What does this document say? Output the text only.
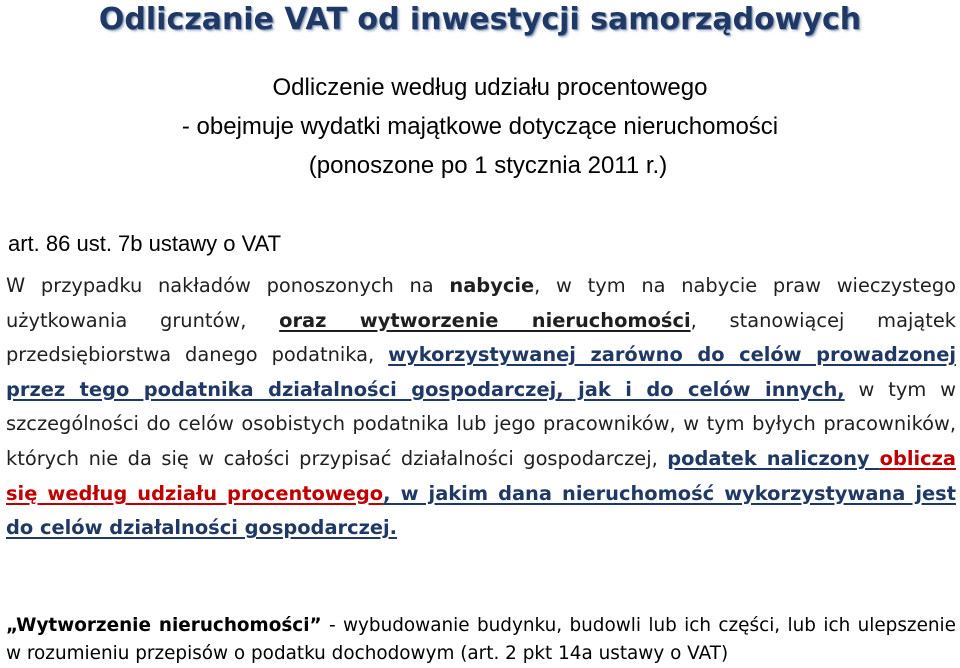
Odliczanie VAT od inwestycji samorządowych
Odliczenie według udziału procentowego
- obejmuje wydatki majątkowe dotyczące nieruchomości
(ponoszone po 1 stycznia 2011 r.)
art. 86 ust. 7b ustawy o VAT
W przypadku nakładów ponoszonych na nabycie, w tym na nabycie praw wieczystego użytkowania gruntów, oraz wytworzenie nieruchomości, stanowiącej majątek przedsiębiorstwa danego podatnika, wykorzystywanej zarówno do celów prowadzonej przez tego podatnika działalności gospodarczej, jak i do celów innych, w tym w szczególności do celów osobistych podatnika lub jego pracowników, w tym byłych pracowników, których nie da się w całości przypisać działalności gospodarczej, podatek naliczony oblicza się według udziału procentowego, w jakim dana nieruchomość wykorzystywana jest do celów działalności gospodarczej.
„Wytworzenie nieruchomości” - wybudowanie budynku, budowli lub ich części, lub ich ulepszenie w rozumieniu przepisów o podatku dochodowym (art. 2 pkt 14a ustawy o VAT)
